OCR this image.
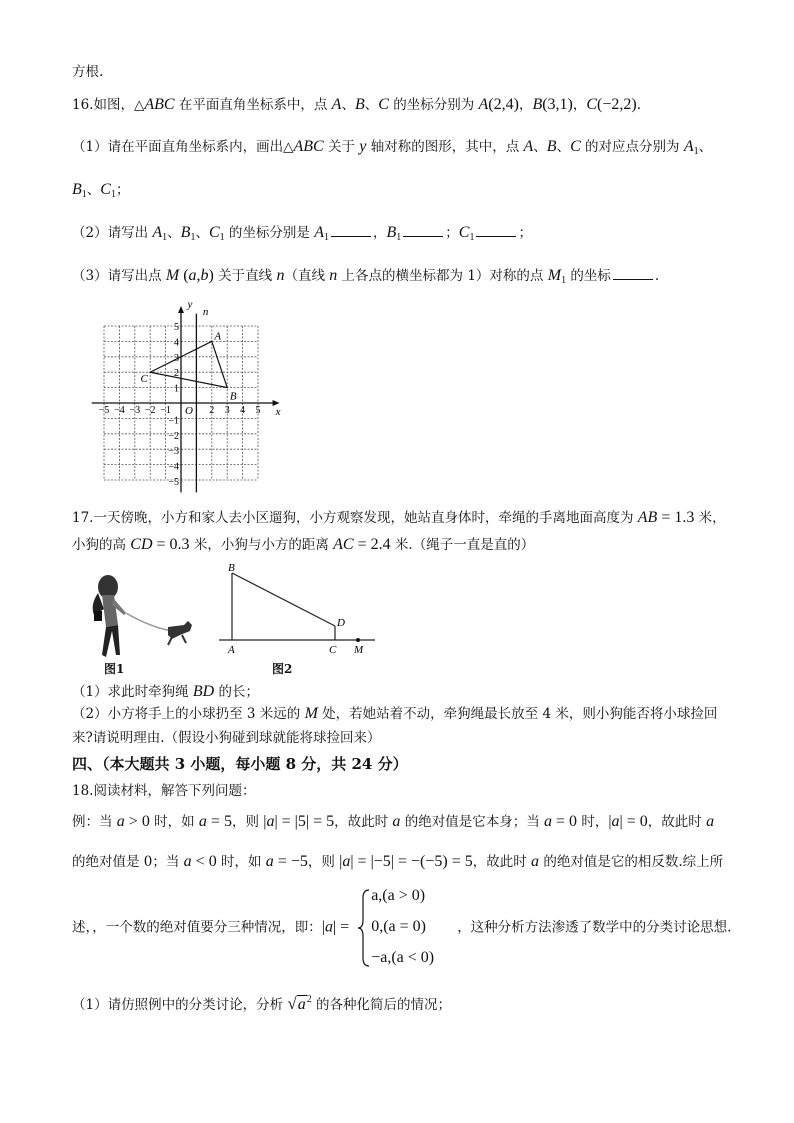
方根.
16.如图，△ABC 在平面直角坐标系中，点 A、B、C 的坐标分别为 A(2,4)，B(3,1)，C(−2,2).
（1）请在平面直角坐标系内，画出△ABC 关于 y 轴对称的图形，其中，点 A、B、C 的对应点分别为 $A_1$、
$B_1$、$C_1$；
（2）请写出 $A_1$、$B_1$、$C_1$ 的坐标分别是 $A_1$	，$B_1$	；$C_1$	；
（3）请写出点 M (a,b) 关于直线 n（直线 n 上各点的横坐标都为 1）对称的点 $M_1$ 的坐标	.
17.一天傍晚，小方和家人去小区遛狗，小方观察发现，她站直身体时，牵绳的手离地面高度为 AB = 1.3 米，
小狗的高 CD = 0.3 米，小狗与小方的距离 AC = 2.4 米.（绳子一直是直的）
（1）求此时牵狗绳 BD 的长；
（2）小方将手上的小球扔至 3 米远的 M 处，若她站着不动，牵狗绳最长放至 4 米，则小狗能否将小球捡回
来?请说明理由.（假设小狗碰到球就能将球捡回来）
四、（本大题共 3 小题，每小题 8 分，共 24 分）
18.阅读材料，解答下列问题：
例：当 a > 0 时，如 a = 5，则 |a| = |5| = 5，故此时 a 的绝对值是它本身；当 a = 0 时，|a| = 0，故此时 a
的绝对值是 0；当 a < 0 时，如 a = −5，则 |a| = |−5| = −(−5) = 5，故此时 a 的绝对值是它的相反数.综上所
述，，一个数的绝对值要分三种情况，即：|a| =
a,(a > 0)
0,(a = 0)
−a,(a < 0)
，这种分析方法渗透了数学中的分类讨论思想.
（1）请仿照例中的分类讨论，分析 $√a^2$ 的各种化简后的情况；
−5 −4 −3 −2 −1	2 3 4 5
5
4
3
2
1
−1
−2
−3
−4
−5
x
y
O
n
A
B
C
图1
B
D
A	C M
图2
